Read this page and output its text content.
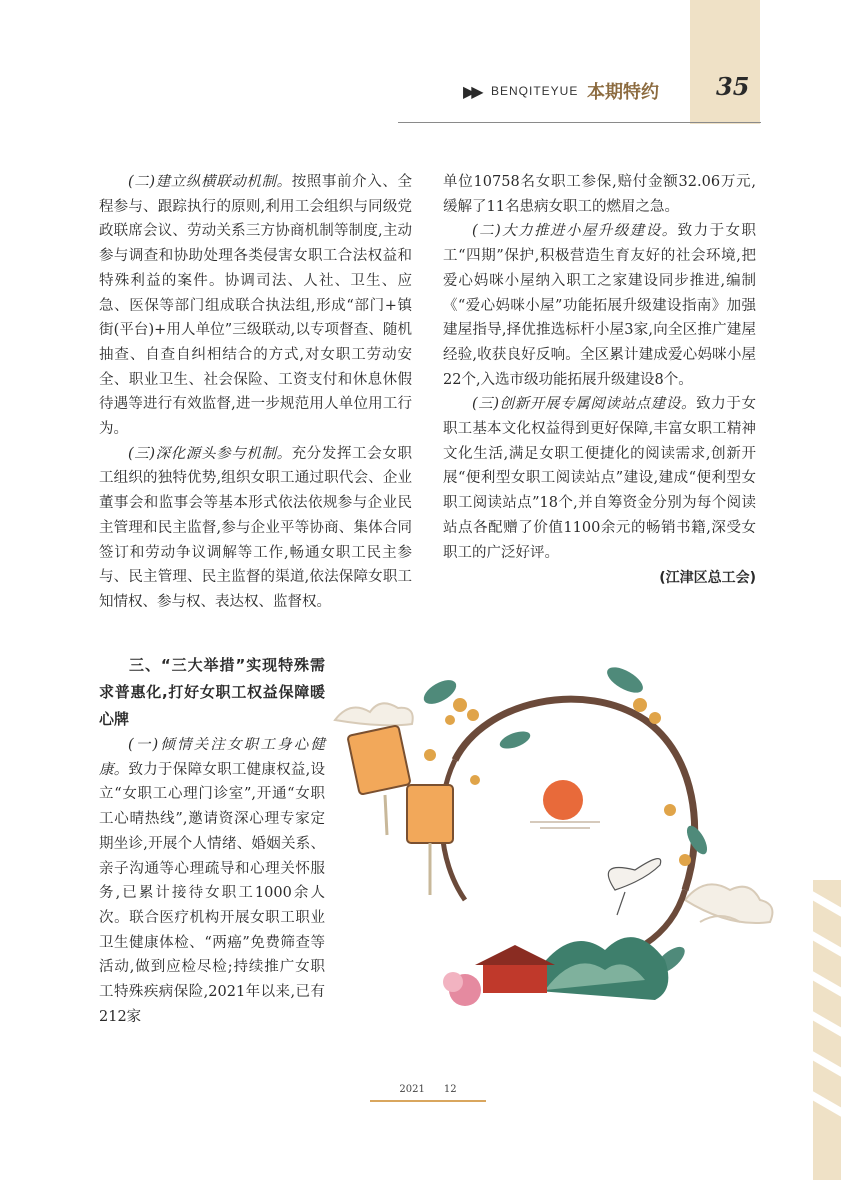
▶▶ BENQITEYUE 本期特约 35

(二)建立纵横联动机制。按照事前介入、全程参与、跟踪执行的原则,利用工会组织与同级党政联席会议、劳动关系三方协商机制等制度,主动参与调查和协助处理各类侵害女职工合法权益和特殊利益的案件。协调司法、人社、卫生、应急、医保等部门组成联合执法组,形成“部门+镇街(平台)+用人单位”三级联动,以专项督查、随机抽查、自查自纠相结合的方式,对女职工劳动安全、职业卫生、社会保险、工资支付和休息休假待遇等进行有效监督,进一步规范用人单位用工行为。

(三)深化源头参与机制。充分发挥工会女职工组织的独特优势,组织女职工通过职代会、企业董事会和监事会等基本形式依法依规参与企业民主管理和民主监督,参与企业平等协商、集体合同签订和劳动争议调解等工作,畅通女职工民主参与、民主管理、民主监督的渠道,依法保障女职工知情权、参与权、表达权、监督权。

三、“三大举措”实现特殊需求普惠化,打好女职工权益保障暖心牌

(一)倾情关注女职工身心健康。致力于保障女职工健康权益,设立“女职工心理门诊室”,开通“女职工心晴热线”,邀请资深心理专家定期坐诊,开展个人情绪、婚姻关系、亲子沟通等心理疏导和心理关怀服务,已累计接待女职工1000余人次。联合医疗机构开展女职工职业卫生健康体检、“两癌”免费筛查等活动,做到应检尽检;持续推广女职工特殊疾病保险,2021年以来,已有212家

单位10758名女职工参保,赔付金额32.06万元,缓解了11名患病女职工的燃眉之急。

(二)大力推进小屋升级建设。致力于女职工“四期”保护,积极营造生育友好的社会环境,把爱心妈咪小屋纳入职工之家建设同步推进,编制《“爱心妈咪小屋”功能拓展升级建设指南》加强建屋指导,择优推选标杆小屋3家,向全区推广建屋经验,收获良好反响。全区累计建成爱心妈咪小屋22个,入选市级功能拓展升级建设8个。

(三)创新开展专属阅读站点建设。致力于女职工基本文化权益得到更好保障,丰富女职工精神文化生活,满足女职工便捷化的阅读需求,创新开展“便利型女职工阅读站点”建设,建成“便利型女职工阅读站点”18个,并自筹资金分别为每个阅读站点各配赠了价值1100余元的畅销书籍,深受女职工的广泛好评。

(江津区总工会)

2021 12
